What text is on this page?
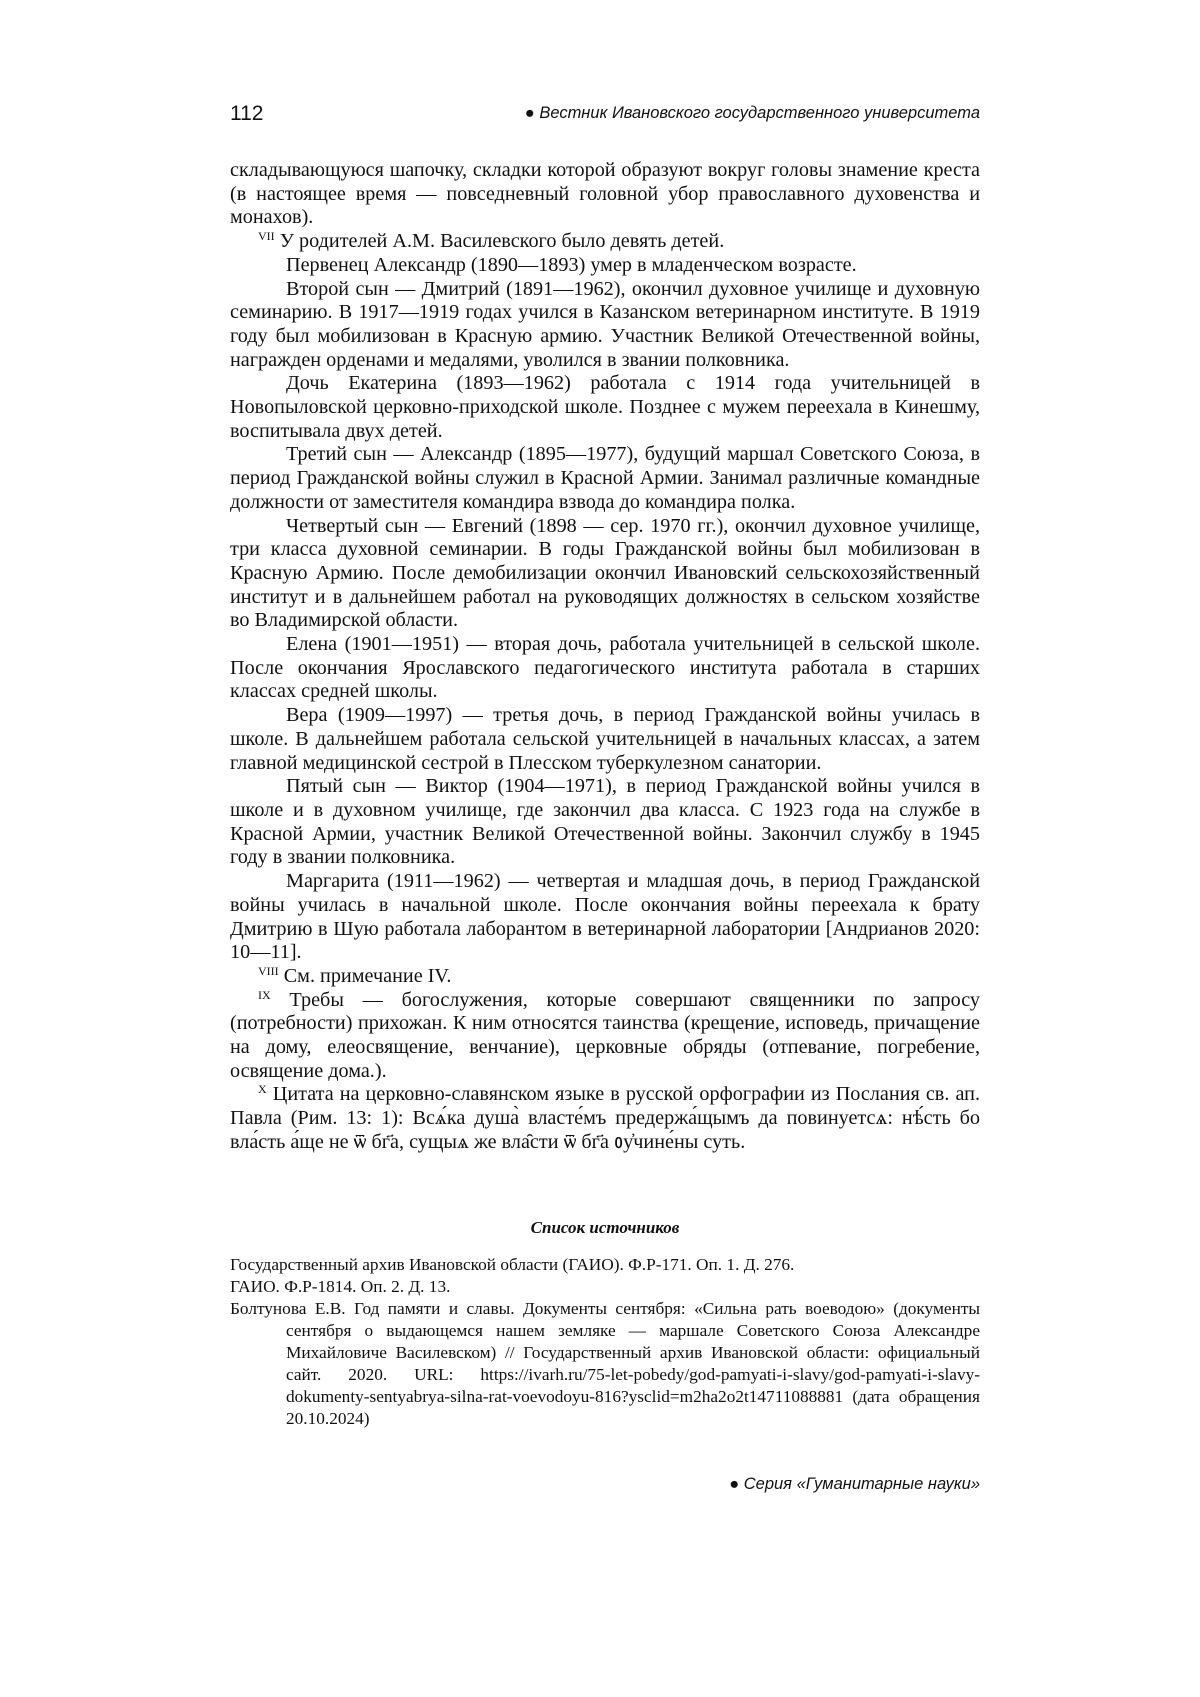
112	● Вестник Ивановского государственного университета

складывающуюся шапочку, складки которой образуют вокруг головы знамение креста (в настоящее время — повседневный головной убор православного духовенства и монахов).

$^{VII}$ У родителей А.М. Василевского было девять детей.

Первенец Александр (1890—1893) умер в младенческом возрасте.

Второй сын — Дмитрий (1891—1962), окончил духовное училище и духовную семинарию. В 1917—1919 годах учился в Казанском ветеринарном институте. В 1919 году был мобилизован в Красную армию. Участник Великой Отечественной войны, награжден орденами и медалями, уволился в звании полковника.

Дочь Екатерина (1893—1962) работала с 1914 года учительницей в Новопыловской церковно-приходской школе. Позднее с мужем переехала в Кинешму, воспитывала двух детей.

Третий сын — Александр (1895—1977), будущий маршал Советского Союза, в период Гражданской войны служил в Красной Армии. Занимал различные командные должности от заместителя командира взвода до командира полка.

Четвертый сын — Евгений (1898 — сер. 1970 гг.), окончил духовное училище, три класса духовной семинарии. В годы Гражданской войны был мобилизован в Красную Армию. После демобилизации окончил Ивановский сельскохозяйственный институт и в дальнейшем работал на руководящих должностях в сельском хозяйстве во Владимирской области.

Елена (1901—1951) — вторая дочь, работала учительницей в сельской школе. После окончания Ярославского педагогического института работала в старших классах средней школы.

Вера (1909—1997) — третья дочь, в период Гражданской войны училась в школе. В дальнейшем работала сельской учительницей в начальных классах, а затем главной медицинской сестрой в Плесском туберкулезном санатории.

Пятый сын — Виктор (1904—1971), в период Гражданской войны учился в школе и в духовном училище, где закончил два класса. С 1923 года на службе в Красной Армии, участник Великой Отечественной войны. Закончил службу в 1945 году в звании полковника.

Маргарита (1911—1962) — четвертая и младшая дочь, в период Гражданской войны училась в начальной школе. После окончания войны переехала к брату Дмитрию в Шую работала лаборантом в ветеринарной лаборатории [Андрианов 2020: 10—11].

$^{VIII}$ См. примечание IV.

$^{IX}$ Требы — богослужения, которые совершают священники по запросу (потребности) прихожан. К ним относятся таинства (крещение, исповедь, причащение на дому, елеосвящение, венчание), церковные обряды (отпевание, погребение, освящение дома.).

$^X$ Цитата на церковно-славянском языке в русской орфографии из Послания св. ап. Павла (Рим. 13: 1): Всѧ́ка душа̀ власте́мъ предержа́щымъ да повинуетсѧ: нѣ́сть бо вла́сть а́ще не ѿ бг҃а, сущыѧ же вла̑сти ѿ бг҃а ᲂу҆чине́ны суть.

Список источников

Государственный архив Ивановской области (ГАИО). Ф.Р-171. Оп. 1. Д. 276.

ГАИО. Ф.Р-1814. Оп. 2. Д. 13.

Болтунова Е.В. Год памяти и славы. Документы сентября: «Сильна рать воеводою» (документы сентября о выдающемся нашем земляке — маршале Советского Союза Александре Михайловиче Василевском) // Государственный архив Ивановской области: официальный сайт. 2020. URL: https://ivarh.ru/75-let-pobedy/god-pamyati-i-slavy/god-pamyati-i-slavy-dokumenty-sentyabrya-silna-rat-voevodoyu-816?ysclid=m2ha2o2t14711088881 (дата обращения 20.10.2024)

● Серия «Гуманитарные науки»
